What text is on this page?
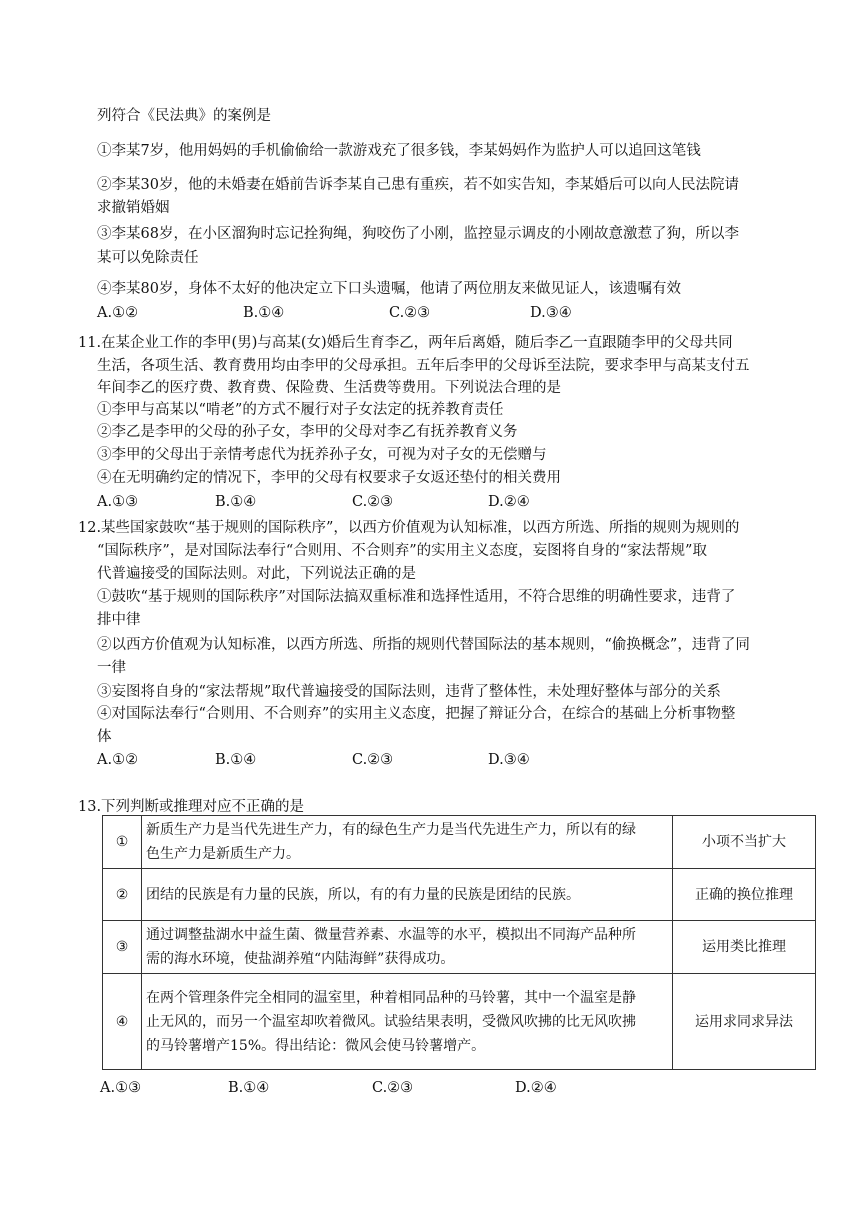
列符合《民法典》的案例是
①李某7岁，他用妈妈的手机偷偷给一款游戏充了很多钱，李某妈妈作为监护人可以追回这笔钱
②李某30岁，他的未婚妻在婚前告诉李某自己患有重疾，若不如实告知，李某婚后可以向人民法院请
求撤销婚姻
③李某68岁，在小区溜狗时忘记拴狗绳，狗咬伤了小刚，监控显示调皮的小刚故意激惹了狗，所以李
某可以免除责任
④李某80岁，身体不太好的他决定立下口头遗嘱，他请了两位朋友来做见证人，该遗嘱有效
A.①②	B.①④	C.②③	D.③④
11.在某企业工作的李甲(男)与高某(女)婚后生育李乙，两年后离婚，随后李乙一直跟随李甲的父母共同
生活，各项生活、教育费用均由李甲的父母承担。五年后李甲的父母诉至法院，要求李甲与高某支付五
年间李乙的医疗费、教育费、保险费、生活费等费用。下列说法合理的是
①李甲与高某以“啃老”的方式不履行对子女法定的抚养教育责任
②李乙是李甲的父母的孙子女，李甲的父母对李乙有抚养教育义务
③李甲的父母出于亲情考虑代为抚养孙子女，可视为对子女的无偿赠与
④在无明确约定的情况下，李甲的父母有权要求子女返还垫付的相关费用
A.①③	B.①④	C.②③	D.②④
12.某些国家鼓吹“基于规则的国际秩序”，以西方价值观为认知标准，以西方所选、所指的规则为规则的
“国际秩序”，是对国际法奉行“合则用、不合则弃”的实用主义态度，妄图将自身的“家法帮规”取
代普遍接受的国际法则。对此，下列说法正确的是
①鼓吹“基于规则的国际秩序”对国际法搞双重标准和选择性适用，不符合思维的明确性要求，违背了
排中律
②以西方价值观为认知标准，以西方所选、所指的规则代替国际法的基本规则，“偷换概念”，违背了同
一律
③妄图将自身的“家法帮规”取代普遍接受的国际法则，违背了整体性，未处理好整体与部分的关系
④对国际法奉行“合则用、不合则弃”的实用主义态度，把握了辩证分合，在综合的基础上分析事物整
体
A.①②	B.①④	C.②③	D.③④
13.下列判断或推理对应不正确的是
①	新质生产力是当代先进生产力，有的绿色生产力是当代先进生产力，所以有的绿
色生产力是新质生产力。	小项不当扩大
②	团结的民族是有力量的民族，所以，有的有力量的民族是团结的民族。	正确的换位推理
③	通过调整盐湖水中益生菌、微量营养素、水温等的水平，模拟出不同海产品种所
需的海水环境，使盐湖养殖“内陆海鲜”获得成功。	运用类比推理
④	在两个管理条件完全相同的温室里，种着相同品种的马铃薯，其中一个温室是静
止无风的，而另一个温室却吹着微风。试验结果表明，受微风吹拂的比无风吹拂
的马铃薯增产15%。得出结论：微风会使马铃薯增产。	运用求同求异法
A.①③	B.①④	C.②③	D.②④
